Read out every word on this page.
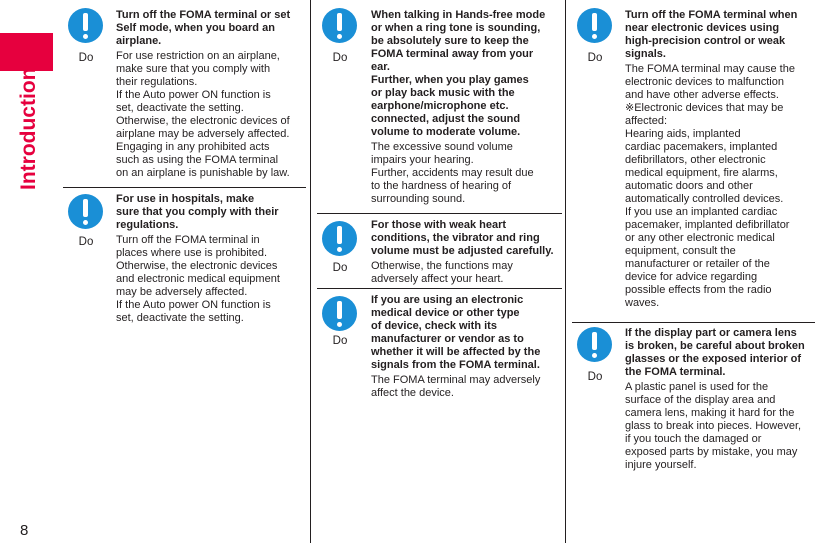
Introduction
8
Do
Turn off the FOMA terminal or set
Self mode, when you board an
airplane.
For use restriction on an airplane,
make sure that you comply with
their regulations.
If the Auto power ON function is
set, deactivate the setting.
Otherwise, the electronic devices of
airplane may be adversely affected.
Engaging in any prohibited acts
such as using the FOMA terminal
on an airplane is punishable by law.
Do
For use in hospitals, make
sure that you comply with their
regulations.
Turn off the FOMA terminal in
places where use is prohibited.
Otherwise, the electronic devices
and electronic medical equipment
may be adversely affected.
If the Auto power ON function is
set, deactivate the setting.
Do
When talking in Hands-free mode
or when a ring tone is sounding,
be absolutely sure to keep the
FOMA terminal away from your
ear.
Further, when you play games
or play back music with the
earphone/microphone etc.
connected, adjust the sound
volume to moderate volume.
The excessive sound volume
impairs your hearing.
Further, accidents may result due
to the hardness of hearing of
surrounding sound.
Do
For those with weak heart
conditions, the vibrator and ring
volume must be adjusted carefully.
Otherwise, the functions may
adversely affect your heart.
Do
If you are using an electronic
medical device or other type
of device, check with its
manufacturer or vendor as to
whether it will be affected by the
signals from the FOMA terminal.
The FOMA terminal may adversely
affect the device.
Do
Turn off the FOMA terminal when
near electronic devices using
high-precision control or weak
signals.
The FOMA terminal may cause the
electronic devices to malfunction
and have other adverse effects.
※Electronic devices that may be
affected:
Hearing aids, implanted
cardiac pacemakers, implanted
defibrillators, other electronic
medical equipment, fire alarms,
automatic doors and other
automatically controlled devices.
If you use an implanted cardiac
pacemaker, implanted defibrillator
or any other electronic medical
equipment, consult the
manufacturer or retailer of the
device for advice regarding
possible effects from the radio
waves.
Do
If the display part or camera lens
is broken, be careful about broken
glasses or the exposed interior of
the FOMA terminal.
A plastic panel is used for the
surface of the display area and
camera lens, making it hard for the
glass to break into pieces. However,
if you touch the damaged or
exposed parts by mistake, you may
injure yourself.
